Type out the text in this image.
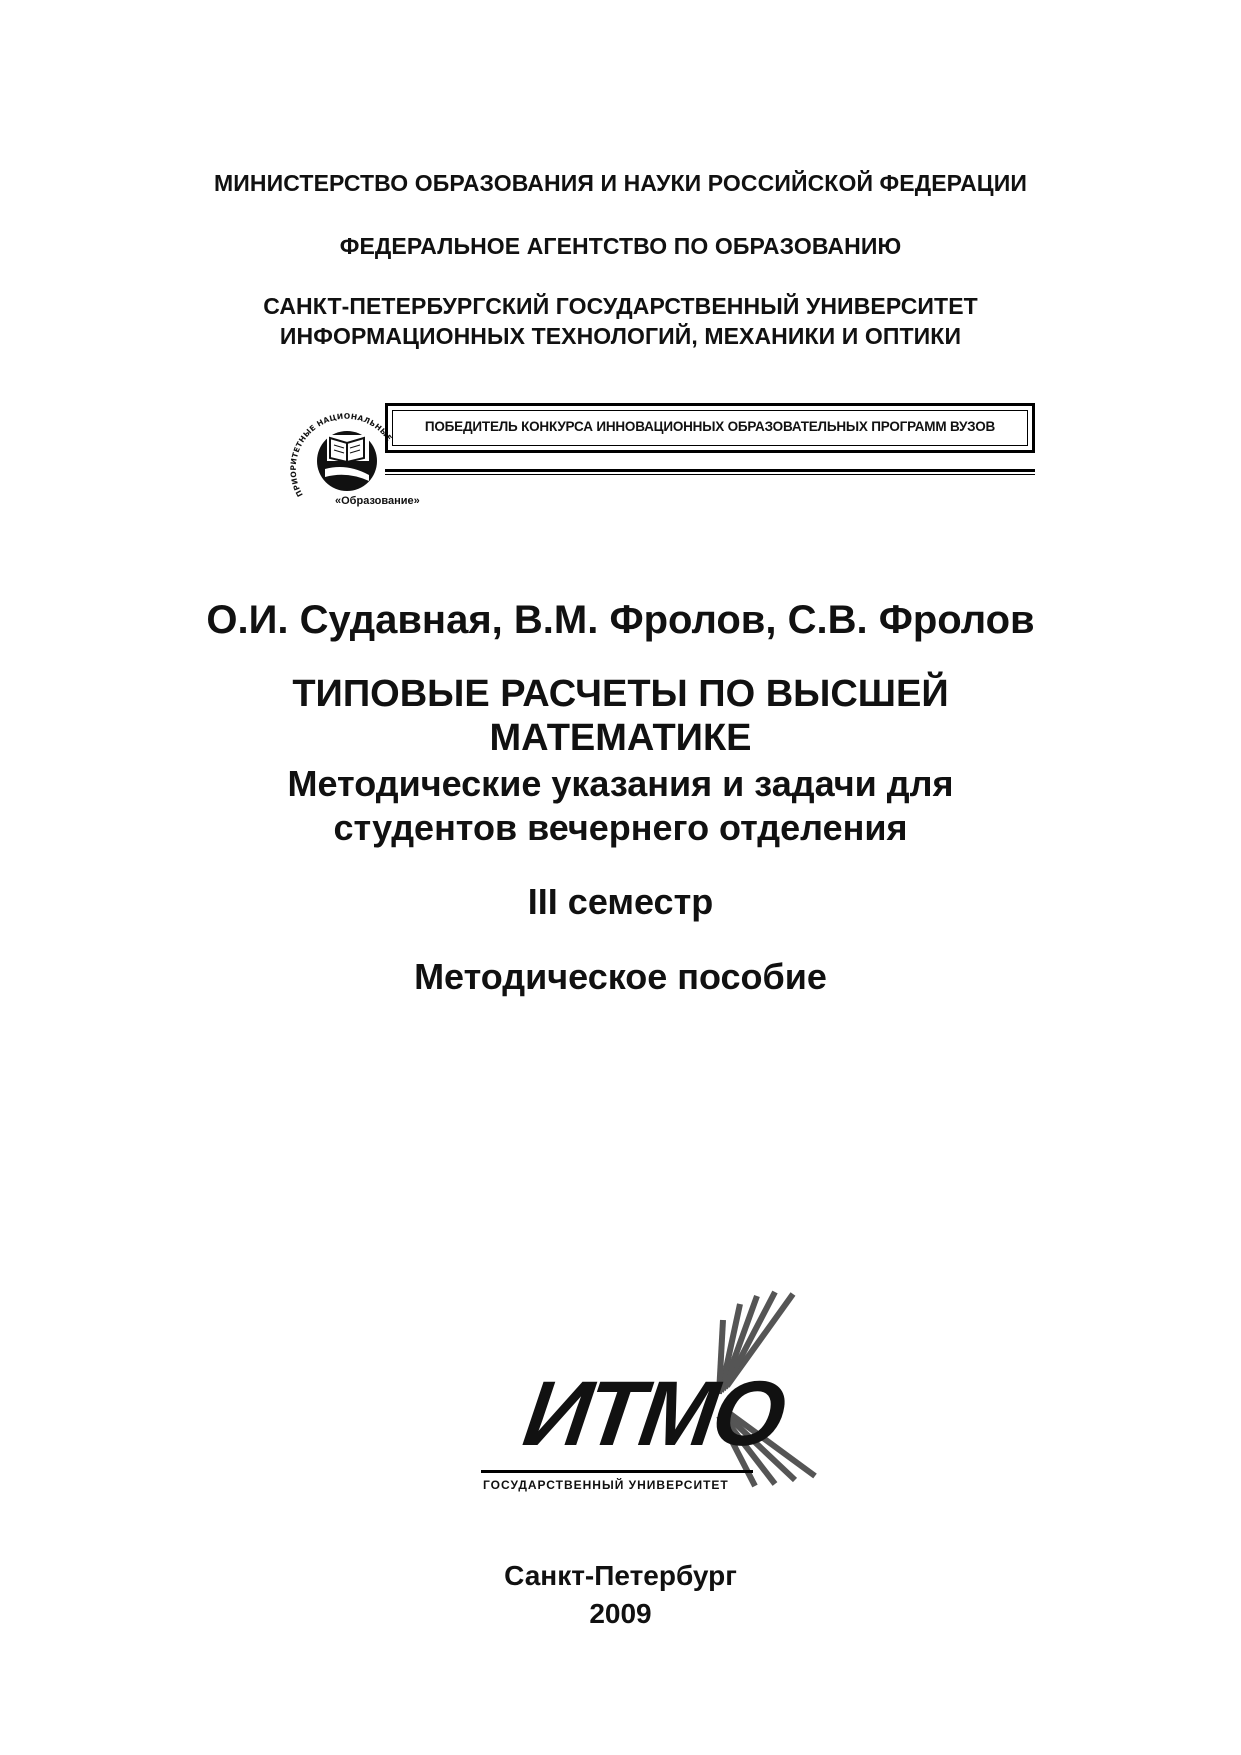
МИНИСТЕРСТВО ОБРАЗОВАНИЯ И НАУКИ РОССИЙСКОЙ ФЕДЕРАЦИИ
ФЕДЕРАЛЬНОЕ АГЕНТСТВО ПО ОБРАЗОВАНИЮ
САНКТ-ПЕТЕРБУРГСКИЙ ГОСУДАРСТВЕННЫЙ УНИВЕРСИТЕТ
ИНФОРМАЦИОННЫХ ТЕХНОЛОГИЙ, МЕХАНИКИ И ОПТИКИ
ПРИОРИТЕТНЫЕ НАЦИОНАЛЬНЫЕ
«Образование»
ПОБЕДИТЕЛЬ КОНКУРСА ИННОВАЦИОННЫХ ОБРАЗОВАТЕЛЬНЫХ ПРОГРАММ ВУЗОВ
О.И. Судавная, В.М. Фролов, С.В. Фролов
ТИПОВЫЕ РАСЧЕТЫ ПО ВЫСШЕЙ
МАТЕМАТИКЕ
Методические указания и задачи для
студентов вечернего отделения
III семестр
Методическое пособие
ИТМО
ГОСУДАРСТВЕННЫЙ УНИВЕРСИТЕТ
Санкт-Петербург
2009
